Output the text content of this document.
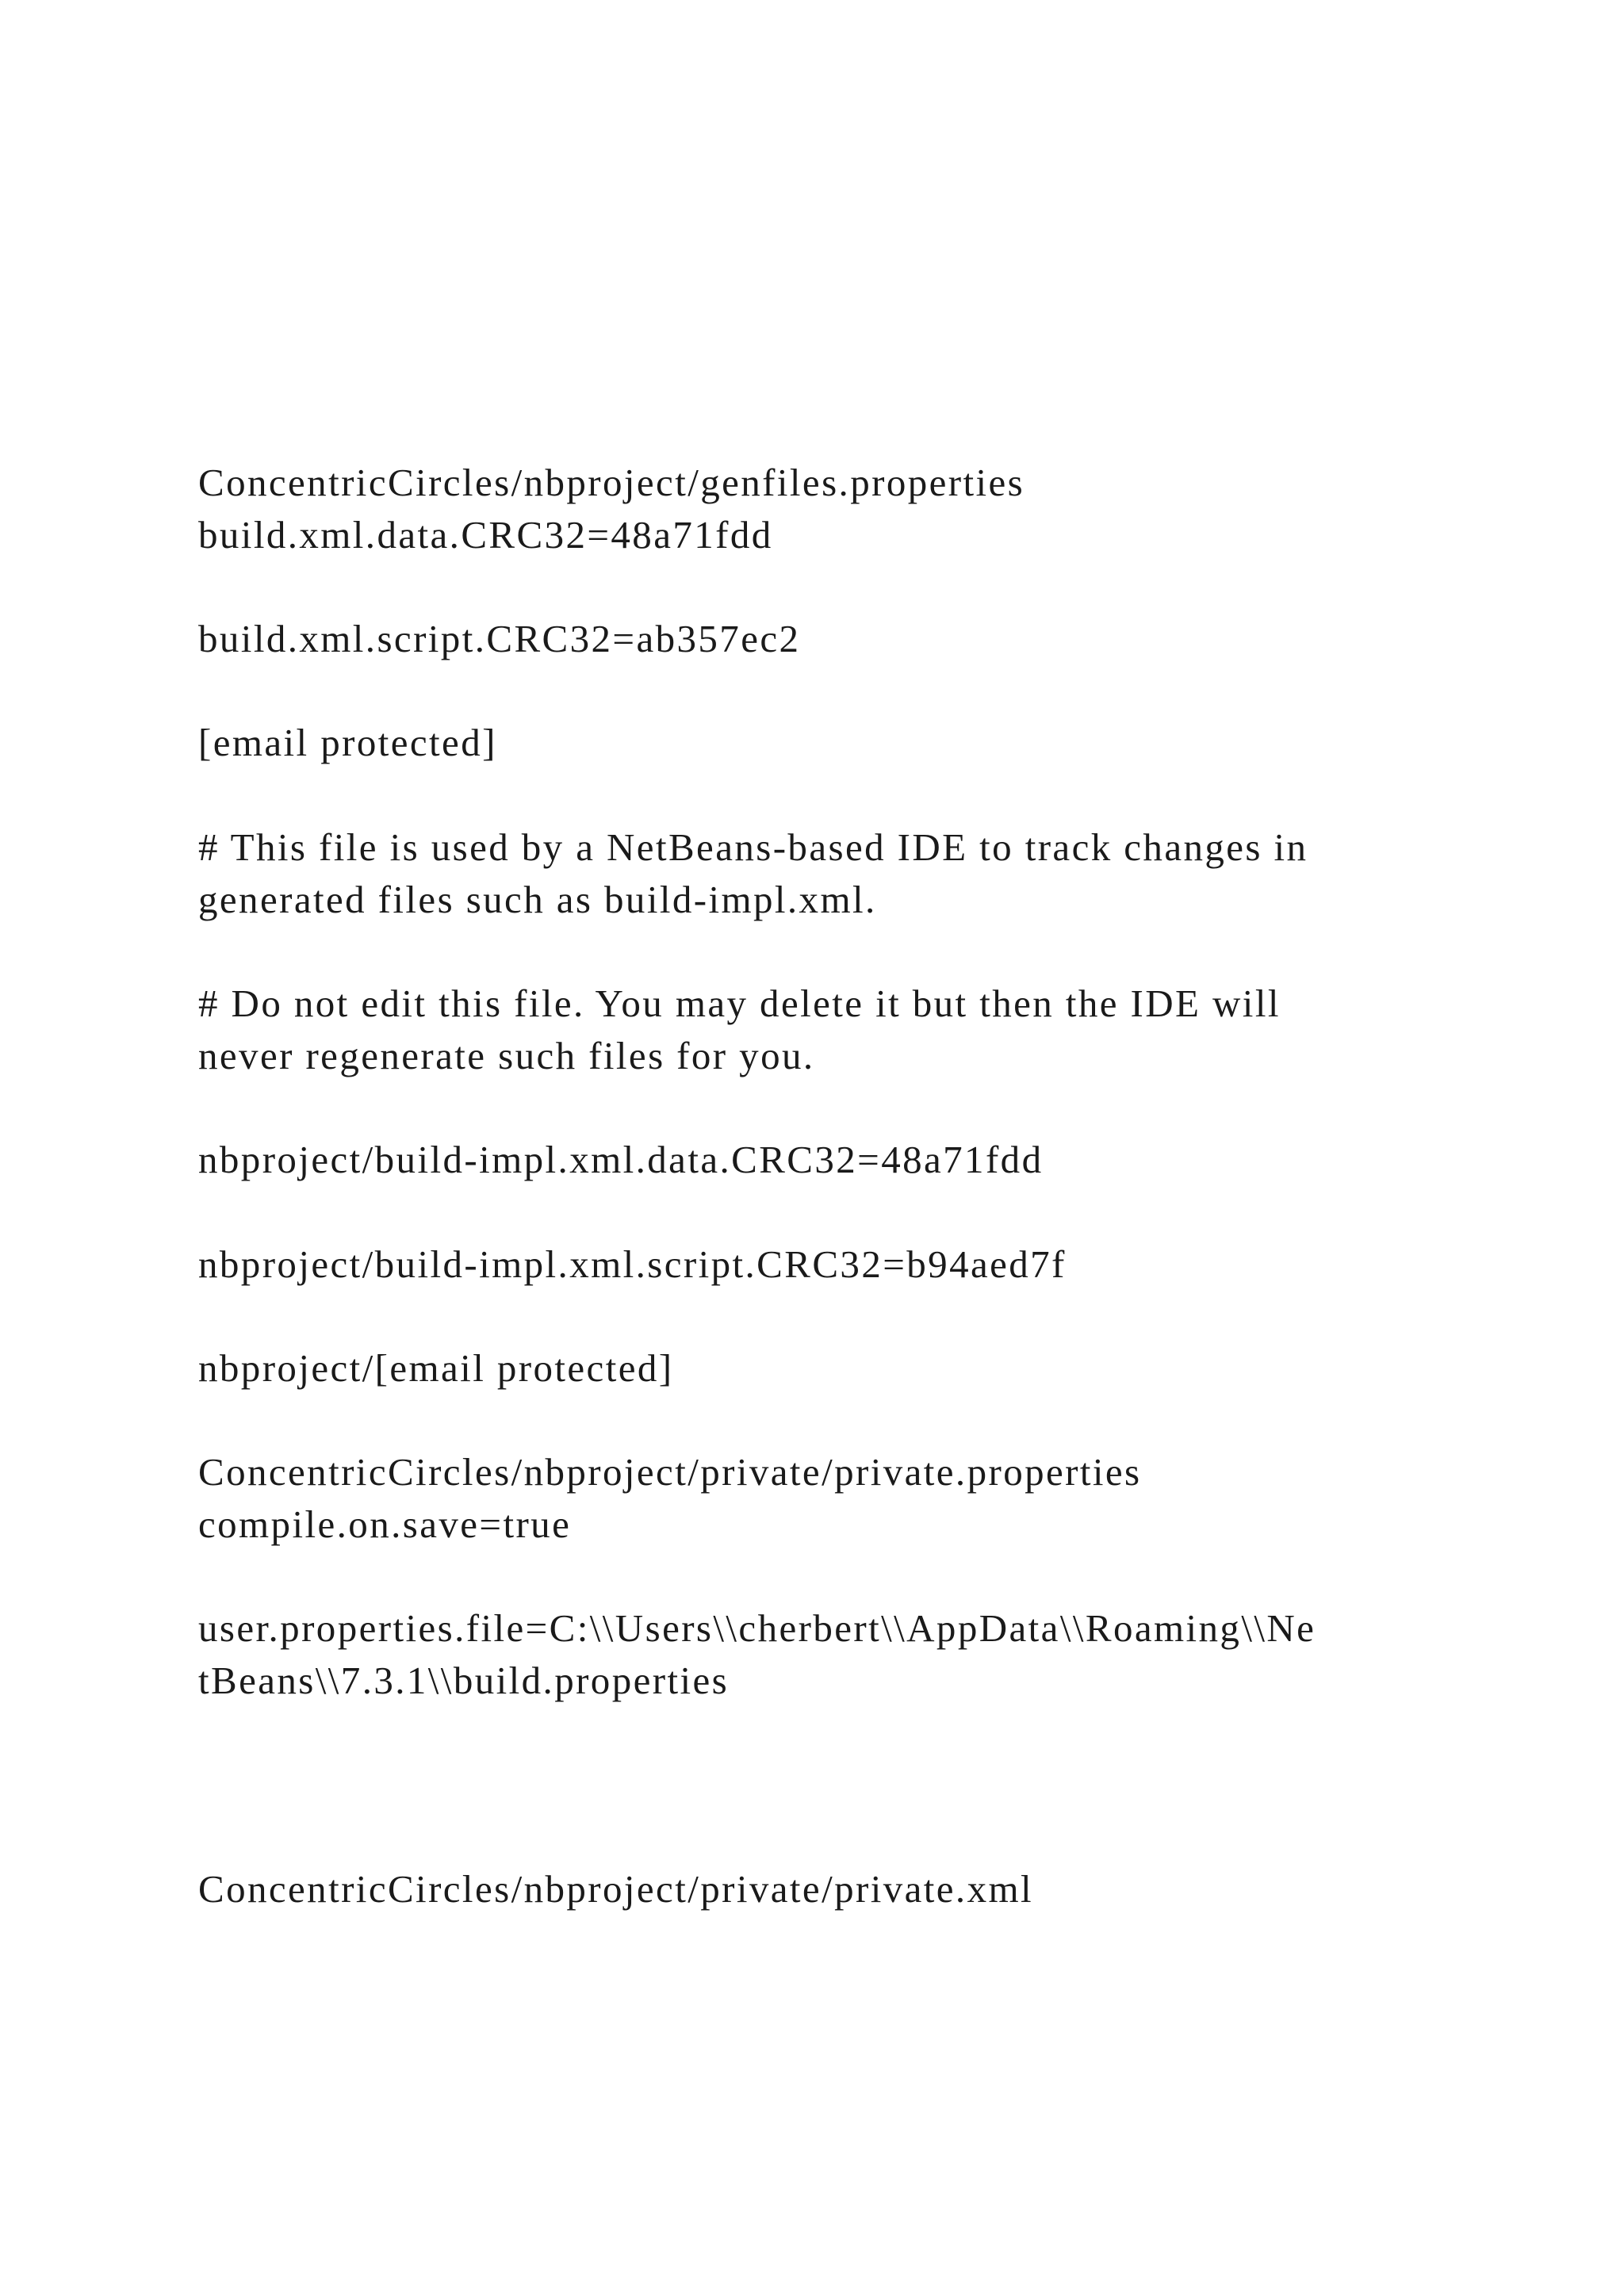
ConcentricCircles/nbproject/genfiles.properties
build.xml.data.CRC32=48a71fdd
build.xml.script.CRC32=ab357ec2
[email protected]
# This file is used by a NetBeans-based IDE to track changes in
generated files such as build-impl.xml.
# Do not edit this file. You may delete it but then the IDE will
never regenerate such files for you.
nbproject/build-impl.xml.data.CRC32=48a71fdd
nbproject/build-impl.xml.script.CRC32=b94aed7f
nbproject/[email protected]
ConcentricCircles/nbproject/private/private.properties
compile.on.save=true
user.properties.file=C:\\Users\\cherbert\\AppData\\Roaming\\Ne
tBeans\\7.3.1\\build.properties
ConcentricCircles/nbproject/private/private.xml
